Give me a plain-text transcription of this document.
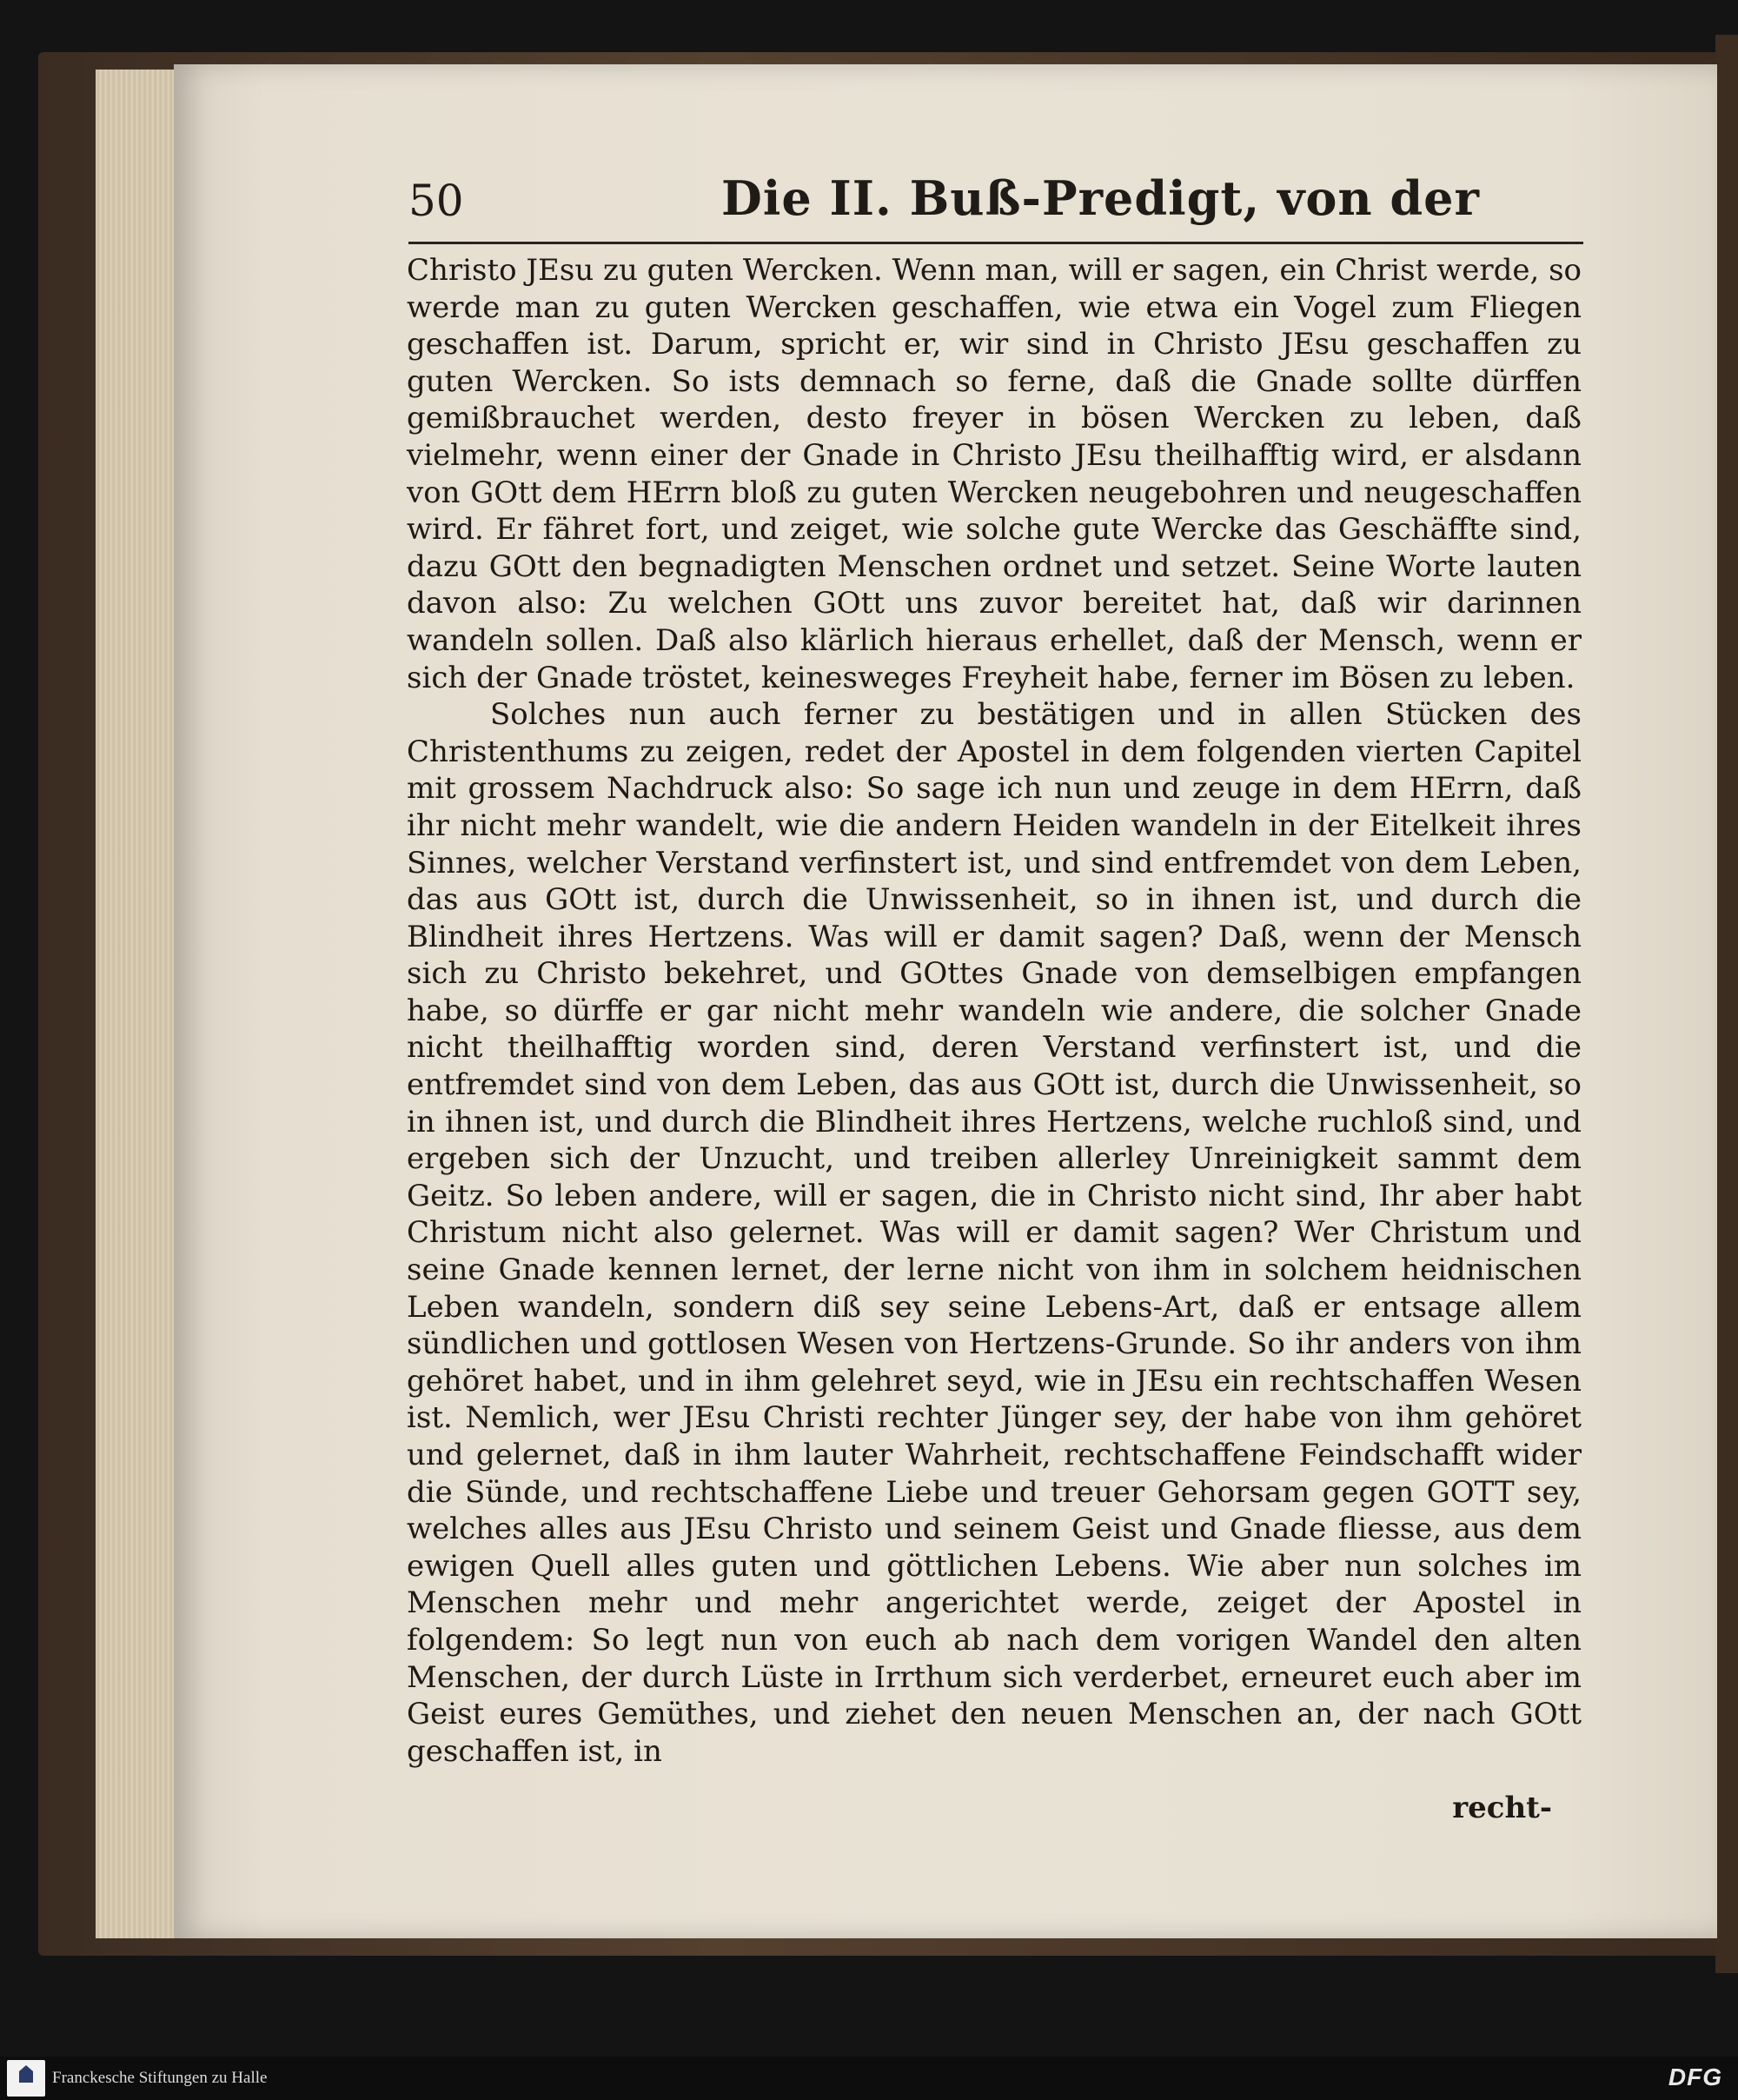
50	Die II. Buß-Predigt, von der

Christo JEsu zu guten Wercken. Wenn man, will er sagen, ein Christ werde, so werde man zu guten Wercken geschaffen, wie etwa ein Vogel zum Fliegen geschaffen ist. Darum, spricht er, wir sind in Christo JEsu geschaffen zu guten Wercken. So ists demnach so ferne, daß die Gnade sollte dürffen gemißbrauchet werden, desto freyer in bösen Wercken zu leben, daß vielmehr, wenn einer der Gnade in Christo JEsu theilhafftig wird, er alsdann von GOtt dem HErrn bloß zu guten Wercken neugebohren und neugeschaffen wird. Er fähret fort, und zeiget, wie solche gute Wercke das Geschäffte sind, dazu GOtt den begnadigten Menschen ordnet und setzet. Seine Worte lauten davon also: Zu welchen GOtt uns zuvor bereitet hat, daß wir darinnen wandeln sollen. Daß also klärlich hieraus erhellet, daß der Mensch, wenn er sich der Gnade tröstet, keinesweges Freyheit habe, ferner im Bösen zu leben.

Solches nun auch ferner zu bestätigen und in allen Stücken des Christenthums zu zeigen, redet der Apostel in dem folgenden vierten Capitel mit grossem Nachdruck also: So sage ich nun und zeuge in dem HErrn, daß ihr nicht mehr wandelt, wie die andern Heiden wandeln in der Eitelkeit ihres Sinnes, welcher Verstand verfinstert ist, und sind entfremdet von dem Leben, das aus GOtt ist, durch die Unwissenheit, so in ihnen ist, und durch die Blindheit ihres Hertzens. Was will er damit sagen? Daß, wenn der Mensch sich zu Christo bekehret, und GOttes Gnade von demselbigen empfangen habe, so dürffe er gar nicht mehr wandeln wie andere, die solcher Gnade nicht theilhafftig worden sind, deren Verstand verfinstert ist, und die entfremdet sind von dem Leben, das aus GOtt ist, durch die Unwissenheit, so in ihnen ist, und durch die Blindheit ihres Hertzens, welche ruchloß sind, und ergeben sich der Unzucht, und treiben allerley Unreinigkeit sammt dem Geitz. So leben andere, will er sagen, die in Christo nicht sind, Ihr aber habt Christum nicht also gelernet. Was will er damit sagen? Wer Christum und seine Gnade kennen lernet, der lerne nicht von ihm in solchem heidnischen Leben wandeln, sondern diß sey seine Lebens-Art, daß er entsage allem sündlichen und gottlosen Wesen von Hertzens-Grunde. So ihr anders von ihm gehöret habet, und in ihm gelehret seyd, wie in JEsu ein rechtschaffen Wesen ist. Nemlich, wer JEsu Christi rechter Jünger sey, der habe von ihm gehöret und gelernet, daß in ihm lauter Wahrheit, rechtschaffene Feindschafft wider die Sünde, und rechtschaffene Liebe und treuer Gehorsam gegen GOTT sey, welches alles aus JEsu Christo und seinem Geist und Gnade fliesse, aus dem ewigen Quell alles guten und göttlichen Lebens. Wie aber nun solches im Menschen mehr und mehr angerichtet werde, zeiget der Apostel in folgendem: So legt nun von euch ab nach dem vorigen Wandel den alten Menschen, der durch Lüste in Irrthum sich verderbet, erneuret euch aber im Geist eures Gemüthes, und ziehet den neuen Menschen an, der nach GOtt geschaffen ist, in

recht-
Franckesche Stiftungen zu Halle	DFG
